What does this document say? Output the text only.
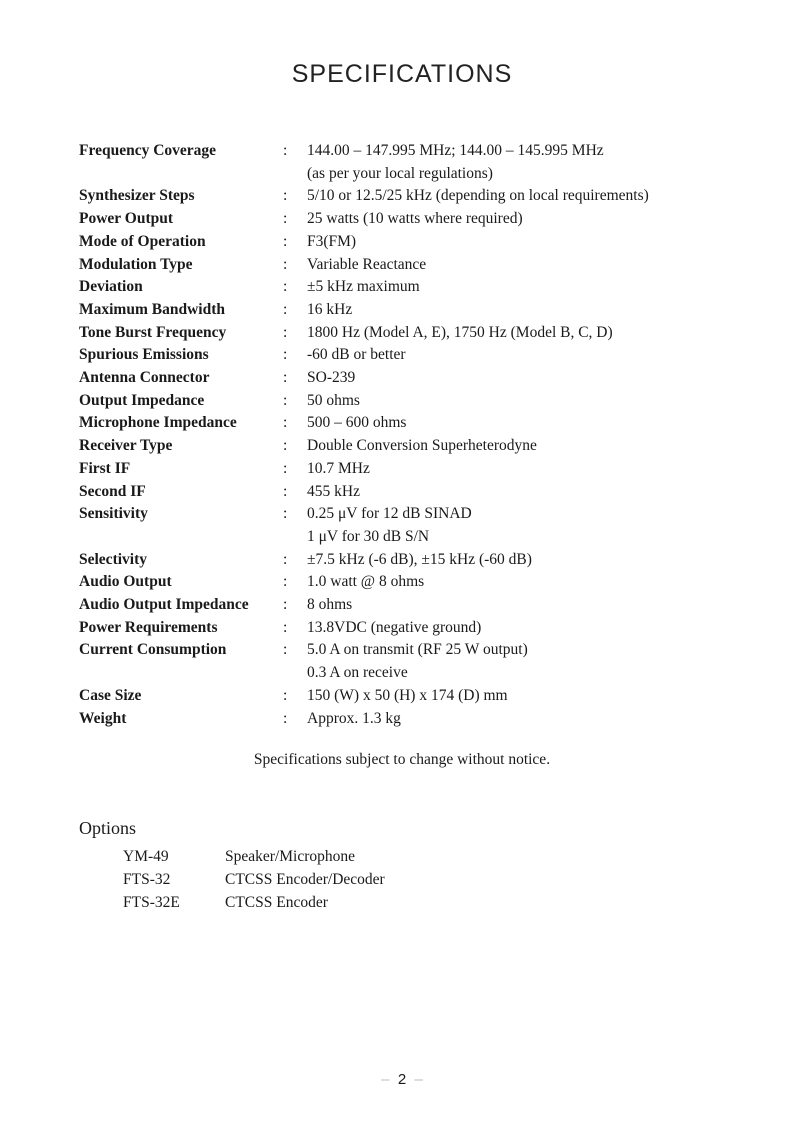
SPECIFICATIONS
Frequency Coverage	:	144.00 – 147.995 MHz; 144.00 – 145.995 MHz
(as per your local regulations)
Synthesizer Steps	:	5/10 or 12.5/25 kHz (depending on local requirements)
Power Output	:	25 watts (10 watts where required)
Mode of Operation	:	F3(FM)
Modulation Type	:	Variable Reactance
Deviation	:	±5 kHz maximum
Maximum Bandwidth	:	16 kHz
Tone Burst Frequency	:	1800 Hz (Model A, E), 1750 Hz (Model B, C, D)
Spurious Emissions	:	-60 dB or better
Antenna Connector	:	SO-239
Output Impedance	:	50 ohms
Microphone Impedance	:	500 – 600 ohms
Receiver Type	:	Double Conversion Superheterodyne
First IF	:	10.7 MHz
Second IF	:	455 kHz
Sensitivity	:	0.25 μV for 12 dB SINAD
1 μV for 30 dB S/N
Selectivity	:	±7.5 kHz (-6 dB), ±15 kHz (-60 dB)
Audio Output	:	1.0 watt @ 8 ohms
Audio Output Impedance	:	8 ohms
Power Requirements	:	13.8VDC (negative ground)
Current Consumption	:	5.0 A on transmit (RF 25 W output)
0.3 A on receive
Case Size	:	150 (W) x 50 (H) x 174 (D) mm
Weight	:	Approx. 1.3 kg
Specifications subject to change without notice.
Options
YM-49	Speaker/Microphone
FTS-32	CTCSS Encoder/Decoder
FTS-32E	CTCSS Encoder
– 2 –
